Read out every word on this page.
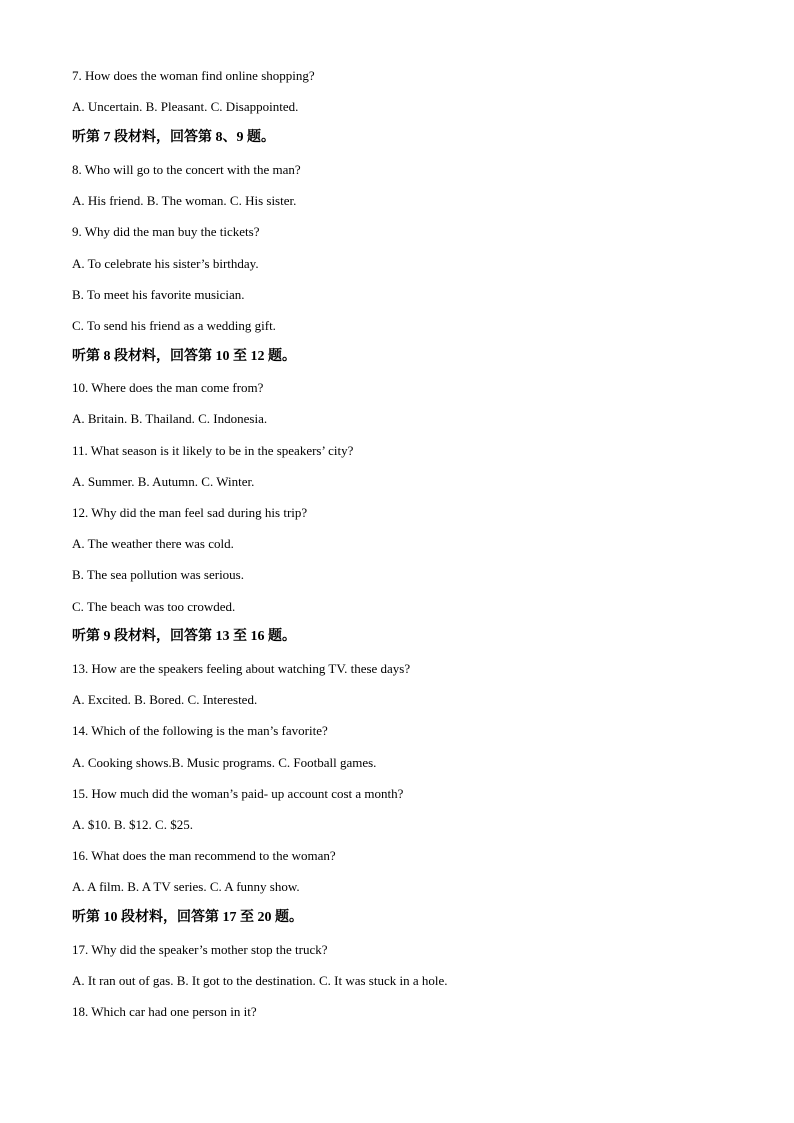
7. How does the woman find online shopping?
A. Uncertain. B. Pleasant. C. Disappointed.
听第 7 段材料，回答第 8、9 题。
8. Who will go to the concert with the man?
A. His friend. B. The woman. C. His sister.
9. Why did the man buy the tickets?
A. To celebrate his sister’s birthday.
B. To meet his favorite musician.
C. To send his friend as a wedding gift.
听第 8 段材料，回答第 10 至 12 题。
10. Where does the man come from?
A. Britain. B. Thailand. C. Indonesia.
11. What season is it likely to be in the speakers’ city?
A. Summer. B. Autumn. C. Winter.
12. Why did the man feel sad during his trip?
A. The weather there was cold.
B. The sea pollution was serious.
C. The beach was too crowded.
听第 9 段材料，回答第 13 至 16 题。
13. How are the speakers feeling about watching TV. these days?
A. Excited. B. Bored. C. Interested.
14. Which of the following is the man’s favorite?
A. Cooking shows.B. Music programs. C. Football games.
15. How much did the woman’s paid- up account cost a month?
A. $10. B. $12. C. $25.
16. What does the man recommend to the woman?
A. A film. B. A TV series. C. A funny show.
听第 10 段材料，回答第 17 至 20 题。
17. Why did the speaker’s mother stop the truck?
A. It ran out of gas. B. It got to the destination. C. It was stuck in a hole.
18. Which car had one person in it?
